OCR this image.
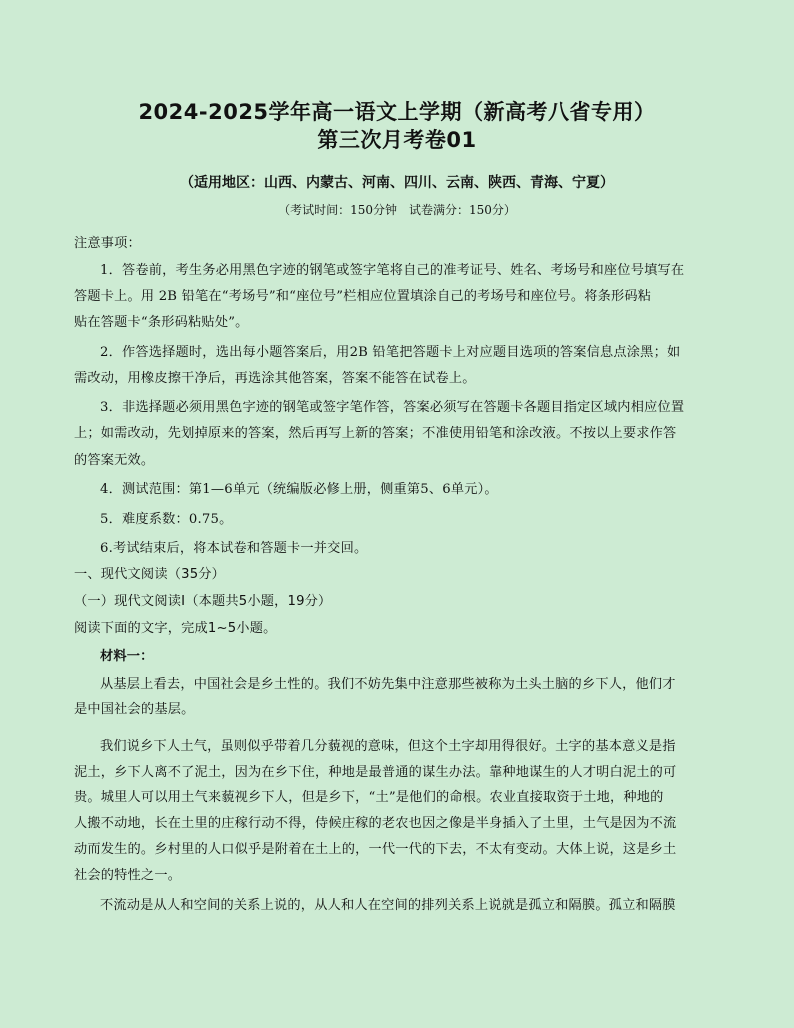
2024-2025学年高一语文上学期（新高考八省专用）
第三次月考卷01
（适用地区：山西、内蒙古、河南、四川、云南、陕西、青海、宁夏）
（考试时间：150分钟　试卷满分：150分）
注意事项：
1．答卷前，考生务必用黑色字迹的钢笔或签字笔将自己的准考证号、姓名、考场号和座位号填写在
答题卡上。用 2B 铅笔在“考场号”和“座位号”栏相应位置填涂自己的考场号和座位号。将条形码粘
贴在答题卡“条形码粘贴处”。
2．作答选择题时，选出每小题答案后，用2B 铅笔把答题卡上对应题目选项的答案信息点涂黑；如
需改动，用橡皮擦干净后，再选涂其他答案，答案不能答在试卷上。
3．非选择题必须用黑色字迹的钢笔或签字笔作答，答案必须写在答题卡各题目指定区域内相应位置
上；如需改动，先划掉原来的答案，然后再写上新的答案；不准使用铅笔和涂改液。不按以上要求作答
的答案无效。
4．测试范围：第1—6单元（统编版必修上册，侧重第5、6单元）。
5．难度系数：0.75。
6.考试结束后，将本试卷和答题卡一并交回。
一、现代文阅读（35分）
（一）现代文阅读Ⅰ（本题共5小题，19分）
阅读下面的文字，完成1~5小题。
材料一：
从基层上看去，中国社会是乡土性的。我们不妨先集中注意那些被称为土头土脑的乡下人，他们才
是中国社会的基层。
我们说乡下人土气，虽则似乎带着几分藐视的意味，但这个土字却用得很好。土字的基本意义是指
泥土，乡下人离不了泥土，因为在乡下住，种地是最普通的谋生办法。靠种地谋生的人才明白泥土的可
贵。城里人可以用土气来藐视乡下人，但是乡下，“土”是他们的命根。农业直接取资于土地，种地的
人搬不动地，长在土里的庄稼行动不得，侍候庄稼的老农也因之像是半身插入了土里，土气是因为不流
动而发生的。乡村里的人口似乎是附着在土上的，一代一代的下去，不太有变动。大体上说，这是乡土
社会的特性之一。
不流动是从人和空间的关系上说的，从人和人在空间的排列关系上说就是孤立和隔膜。孤立和隔膜
